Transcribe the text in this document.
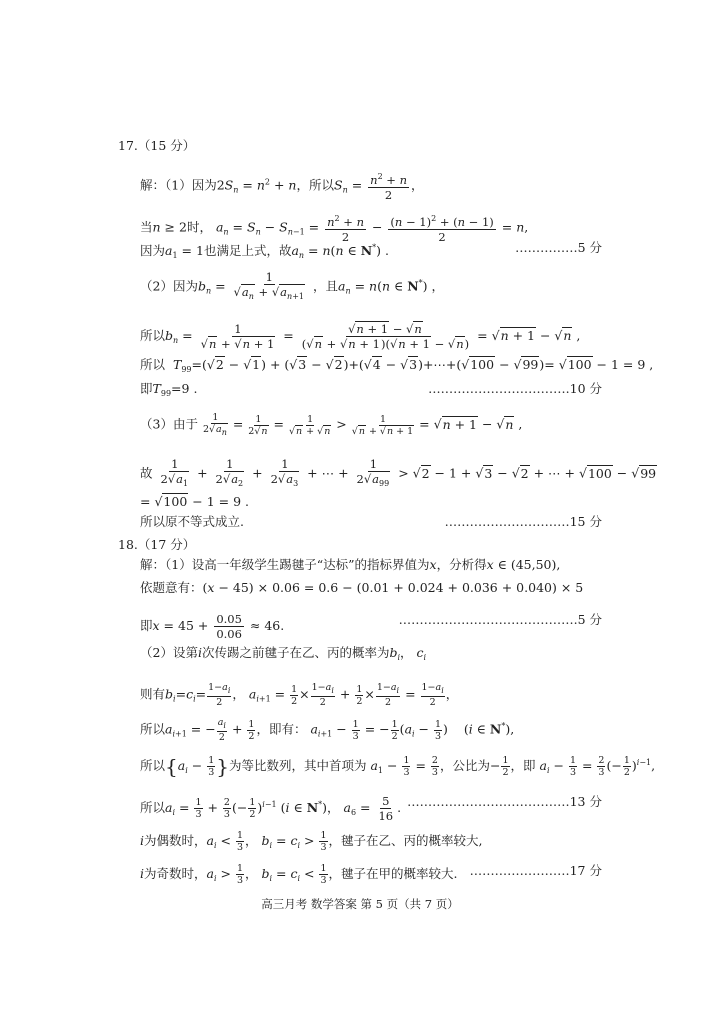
17.（15 分）
解：（1）因为$2S_n = n^2 + n$，所以$S_n = \frac{n^2 + n}{2}$ ，
当n ≥ 2时， $a_n = S_n - S_{n-1} = \frac{n^2 + n}{2} - \frac{(n - 1)^2 + (n - 1)}{2} = n$,
因为$a_1 = 1$也满足上式，故$a_n = n(n$ ∈ N*) .	……………5 分
（2）因为$b_n = \frac{1}{√a_n + √a_{n+1}}$ ，且$a_n = n(n$ ∈ N*) ，
所以$b_n = \frac{1}{√n + √n + 1} = \frac{√n + 1 - √n}{(√n + √n + 1)(√n + 1 - √n)} = √n + 1 - √n$ ,
所以 $T_{99}=(√2 - √1) + (√3 - √2)+(√4$ − √3)+⋯+(√100 − √99)= √100 − 1 = 9 ,
即$T_{99}=9$ .	…………………………….10 分
（3）由于 $\frac{1}{2√a_n} = \frac{1}{2√n} = \frac{1}{√n + √n} > \frac{1}{√n + √n + 1} = √n + 1 - √n$ ,
故 $\frac{1}{2√a_1} + \frac{1}{2√a_2} + \frac{1}{2√a_3}$ + ⋯ + $\frac{1}{2√a_{99}} > √2 - 1 + √3 - √2$ + ⋯ + √100 − √99
= √100 − 1 = 9 .
所以原不等式成立.	…………………………15 分
18.（17 分）
解：（1）设高一年级学生踢毽子“达标”的指标界值为x，分析得x ∈ (45,50),
依题意有：(x − 45) × 0.06 = 0.6 − (0.01 + 0.024 + 0.036 + 0.040) × 5
即$x = 45 + \frac{0.05}{0.06} \approx 46$.	…………………………………….5 分
（2）设第i次传踢之前毽子在乙、丙的概率为$b_i$， $c_i$
则有$b_i=c_i= \frac{1-a_i}{2}$ ， $a_{i+1} = \frac{1}{2} \times \frac{1-a_i}{2} + \frac{1}{2} \times \frac{1-a_i}{2} = \frac{1-a_i}{2}$ ，
所以$a_{i+1}$ = − $\frac{a_i}{2} + \frac{1}{2}$ ，即有： $a_{i+1} - \frac{1}{3}$ = − $\frac{1}{2} (a_i - \frac{1}{3}$ )    (i ∈ N*),
所以{$a_i - \frac{1}{3}$ }为等比数列，其中首项为 $a_1 - \frac{1}{3} = \frac{2}{3}$ ，公比为− $\frac{1}{2}$ ，即 $a_i - \frac{1}{3} = \frac{2}{3}$ (− $\frac{1}{2} )^{i-1}$,
所以$a_i = \frac{1}{3} + \frac{2}{3}$ (− $\frac{1}{2} )^{i-1}$ (i ∈ N*)， $a_6 = \frac{5}{16}$ . …………………………………13 分
i为偶数时，$a_i < \frac{1}{3}$ ， $b_i = c_i > \frac{1}{3}$ ，毽子在乙、丙的概率较大,
i为奇数时，$a_i > \frac{1}{3}$ ， $b_i = c_i < \frac{1}{3}$ ，毽子在甲的概率较大. ……………………17 分
高三月考 数学答案 第 5 页（共 7 页）
